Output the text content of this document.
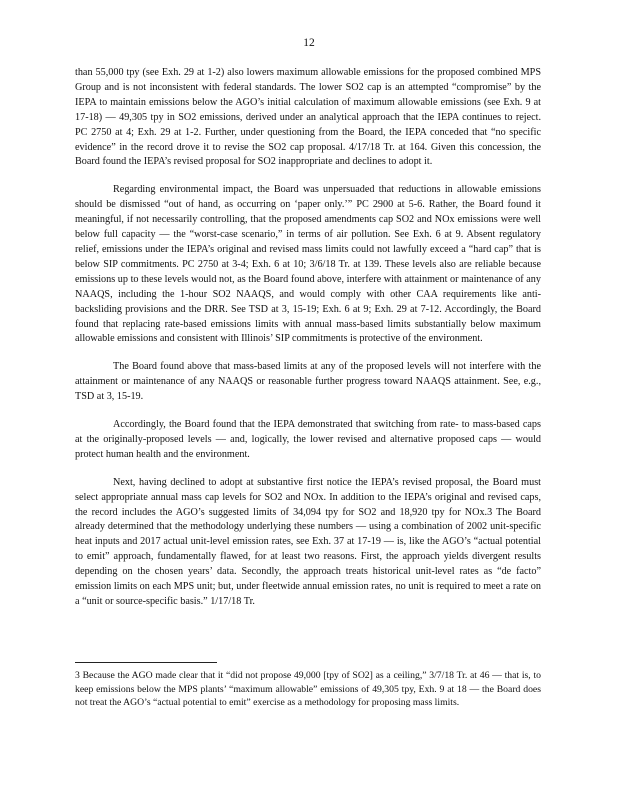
12

than 55,000 tpy (see Exh. 29 at 1-2) also lowers maximum allowable emissions for the proposed combined MPS Group and is not inconsistent with federal standards. The lower SO2 cap is an attempted “compromise” by the IEPA to maintain emissions below the AGO’s initial calculation of maximum allowable emissions (see Exh. 9 at 17-18) — 49,305 tpy in SO2 emissions, derived under an analytical approach that the IEPA continues to reject. PC 2750 at 4; Exh. 29 at 1-2. Further, under questioning from the Board, the IEPA conceded that “no specific evidence” in the record drove it to revise the SO2 cap proposal. 4/17/18 Tr. at 164. Given this concession, the Board found the IEPA’s revised proposal for SO2 inappropriate and declines to adopt it.

Regarding environmental impact, the Board was unpersuaded that reductions in allowable emissions should be dismissed “out of hand, as occurring on ‘paper only.’” PC 2900 at 5-6. Rather, the Board found it meaningful, if not necessarily controlling, that the proposed amendments cap SO2 and NOx emissions were well below full capacity — the “worst-case scenario,” in terms of air pollution. See Exh. 6 at 9. Absent regulatory relief, emissions under the IEPA’s original and revised mass limits could not lawfully exceed a “hard cap” that is below SIP commitments. PC 2750 at 3-4; Exh. 6 at 10; 3/6/18 Tr. at 139. These levels also are reliable because emissions up to these levels would not, as the Board found above, interfere with attainment or maintenance of any NAAQS, including the 1-hour SO2 NAAQS, and would comply with other CAA requirements like anti-backsliding provisions and the DRR. See TSD at 3, 15-19; Exh. 6 at 9; Exh. 29 at 7-12. Accordingly, the Board found that replacing rate-based emissions limits with annual mass-based limits substantially below maximum allowable emissions and consistent with Illinois’ SIP commitments is protective of the environment.

The Board found above that mass-based limits at any of the proposed levels will not interfere with the attainment or maintenance of any NAAQS or reasonable further progress toward NAAQS attainment. See, e.g., TSD at 3, 15-19.

Accordingly, the Board found that the IEPA demonstrated that switching from rate- to mass-based caps at the originally-proposed levels — and, logically, the lower revised and alternative proposed caps — would protect human health and the environment.

Next, having declined to adopt at substantive first notice the IEPA’s revised proposal, the Board must select appropriate annual mass cap levels for SO2 and NOx. In addition to the IEPA’s original and revised caps, the record includes the AGO’s suggested limits of 34,094 tpy for SO2 and 18,920 tpy for NOx.3 The Board already determined that the methodology underlying these numbers — using a combination of 2002 unit-specific heat inputs and 2017 actual unit-level emission rates, see Exh. 37 at 17-19 — is, like the AGO’s “actual potential to emit” approach, fundamentally flawed, for at least two reasons. First, the approach yields divergent results depending on the chosen years’ data. Secondly, the approach treats historical unit-level rates as “de facto” emission limits on each MPS unit; but, under fleetwide annual emission rates, no unit is required to meet a rate on a “unit or source-specific basis.” 1/17/18 Tr.

3 Because the AGO made clear that it “did not propose 49,000 [tpy of SO2] as a ceiling,” 3/7/18 Tr. at 46 — that is, to keep emissions below the MPS plants’ “maximum allowable” emissions of 49,305 tpy, Exh. 9 at 18 — the Board does not treat the AGO’s “actual potential to emit” exercise as a methodology for proposing mass limits.
